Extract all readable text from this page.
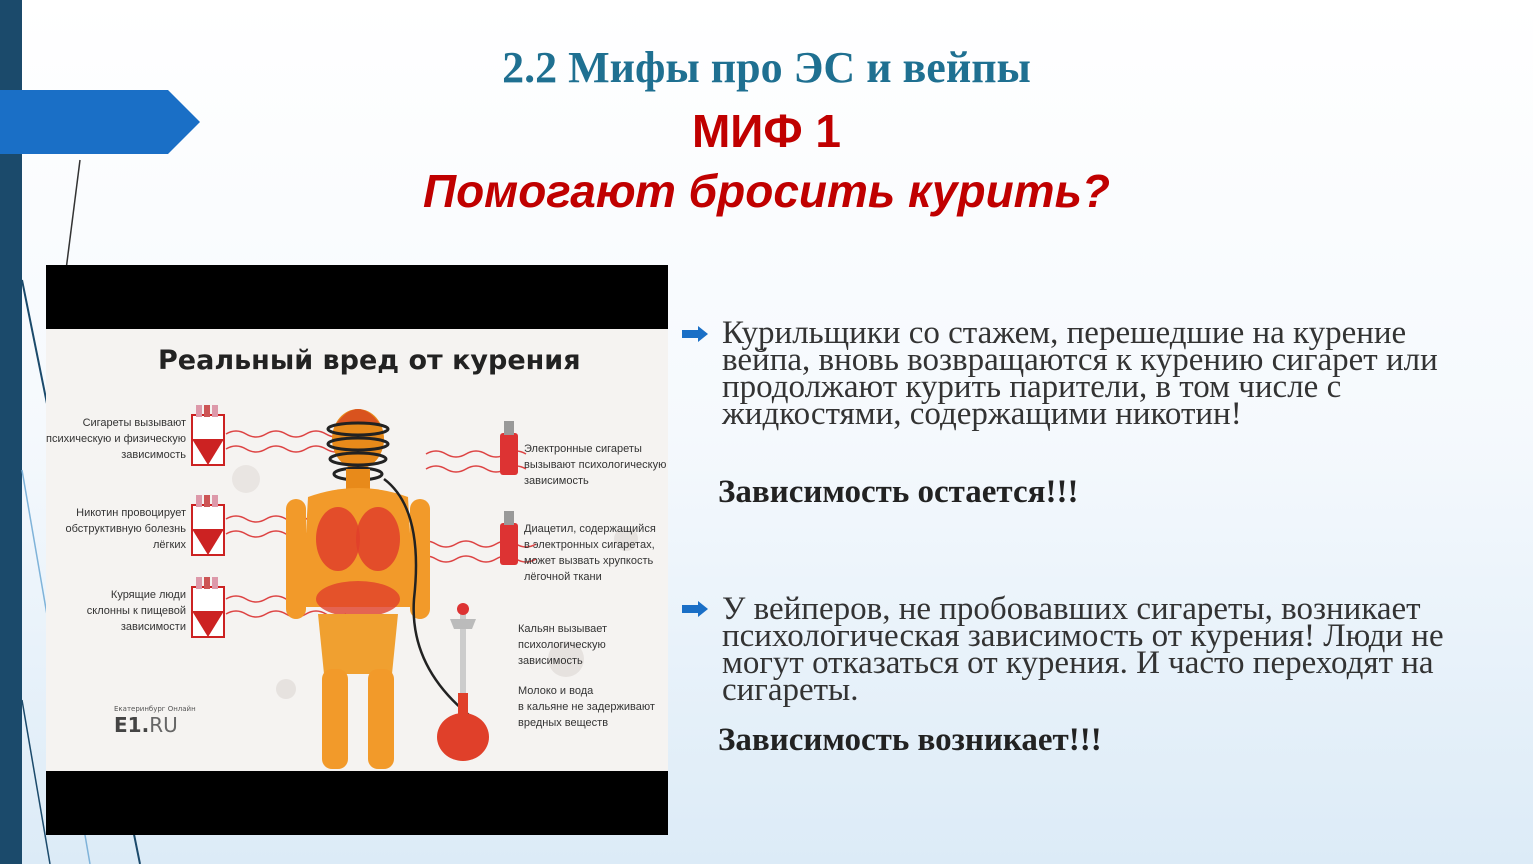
2.2 Мифы про ЭС и вейпы
МИФ 1
Помогают бросить курить?
Реальный вред от курения
Сигареты вызывают
психическую и физическую
зависимость
Никотин провоцирует
обструктивную болезнь
лёгких
Курящие люди
склонны к пищевой
зависимости
Электронные сигареты
вызывают психологическую
зависимость
Диацетил, содержащийся
в электронных сигаретах,
может вызвать хрупкость
лёгочной ткани
Кальян вызывает
психологическую
зависимость
Молоко и вода
в кальяне не задерживают
вредных веществ
Екатеринбург Онлайн
E1.RU

Курильщики со стажем, перешедшие на курение вейпа, вновь возвращаются к курению сигарет или продолжают курить парители, в том числе с жидкостями, содержащими никотин!

Зависимость остается!!!

У вейперов, не пробовавших сигареты, возникает психологическая зависимость от курения! Люди не могут отказаться от курения. И часто переходят на сигареты.

Зависимость возникает!!!
